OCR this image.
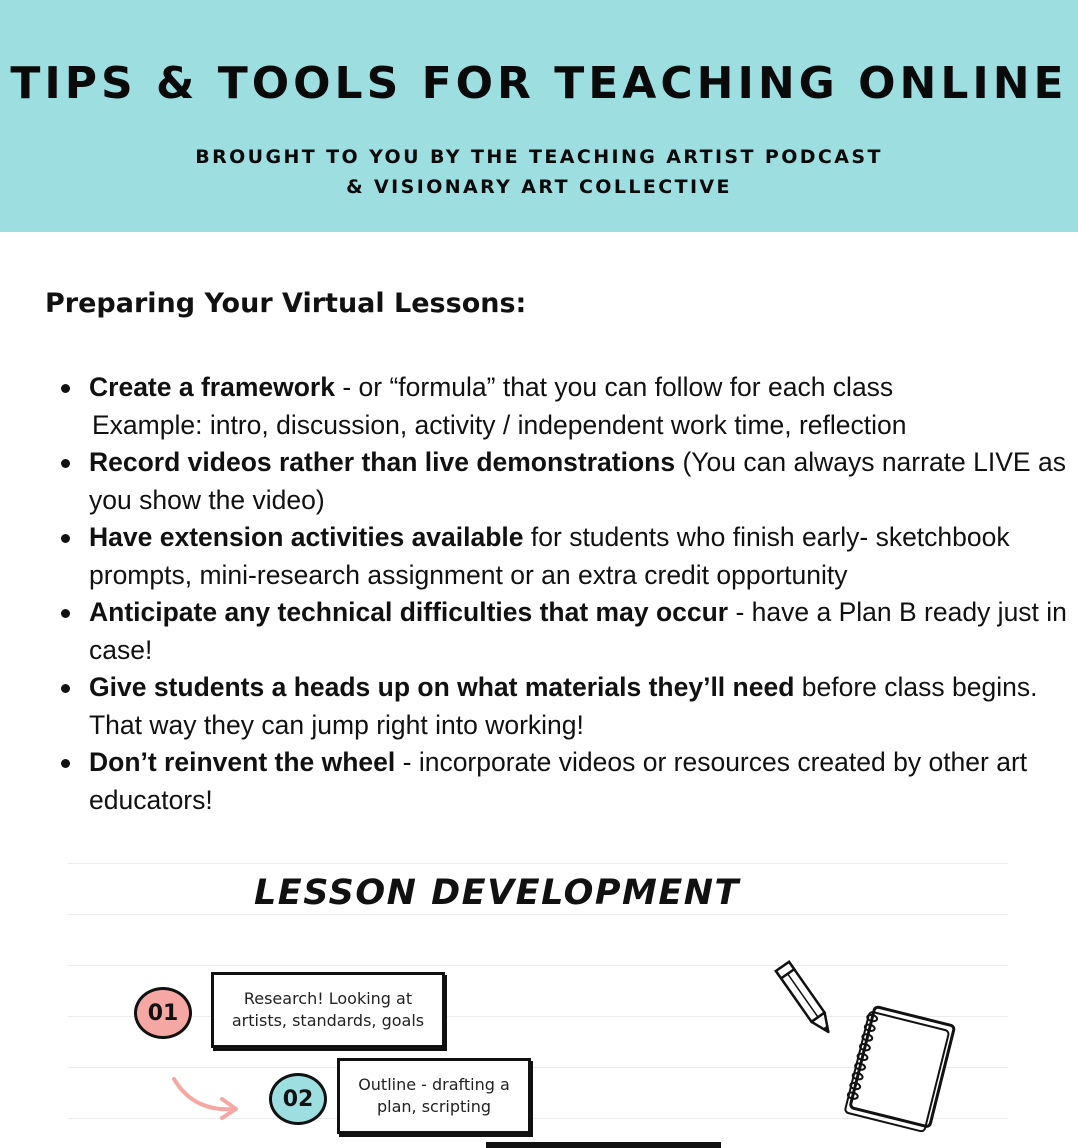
TIPS & TOOLS FOR TEACHING ONLINE
BROUGHT TO YOU BY THE TEACHING ARTIST PODCAST
& VISIONARY ART COLLECTIVE
Preparing Your Virtual Lessons:
Create a framework - or “formula” that you can follow for each class
Example: intro, discussion, activity / independent work time, reflection
Record videos rather than live demonstrations (You can always narrate LIVE as you show the video)
Have extension activities available for students who finish early- sketchbook prompts, mini-research assignment or an extra credit opportunity
Anticipate any technical difficulties that may occur - have a Plan B ready just in case!
Give students a heads up on what materials they’ll need before class begins. That way they can jump right into working!
Don’t reinvent the wheel - incorporate videos or resources created by other art educators!
LESSON DEVELOPMENT
01
Research! Looking at
artists, standards, goals
02
Outline - drafting a
plan, scripting
